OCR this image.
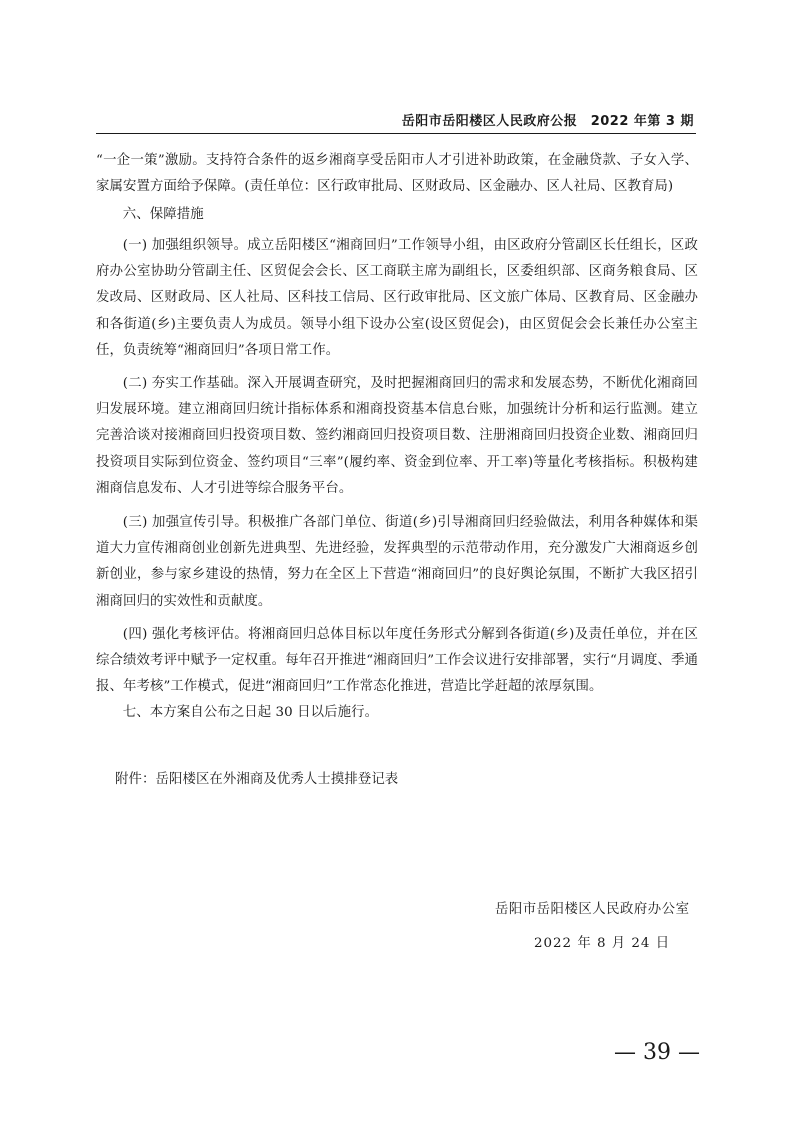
岳阳市岳阳楼区人民政府公报　2022 年第 3 期

“一企一策”激励。支持符合条件的返乡湘商享受岳阳市人才引进补助政策，在金融贷款、子女入学、家属安置方面给予保障。(责任单位：区行政审批局、区财政局、区金融办、区人社局、区教育局)

六、保障措施

(一) 加强组织领导。成立岳阳楼区“湘商回归”工作领导小组，由区政府分管副区长任组长，区政府办公室协助分管副主任、区贸促会会长、区工商联主席为副组长，区委组织部、区商务粮食局、区发改局、区财政局、区人社局、区科技工信局、区行政审批局、区文旅广体局、区教育局、区金融办和各街道(乡)主要负责人为成员。领导小组下设办公室(设区贸促会)，由区贸促会会长兼任办公室主任，负责统筹“湘商回归”各项日常工作。

(二) 夯实工作基础。深入开展调查研究，及时把握湘商回归的需求和发展态势，不断优化湘商回归发展环境。建立湘商回归统计指标体系和湘商投资基本信息台账，加强统计分析和运行监测。建立完善洽谈对接湘商回归投资项目数、签约湘商回归投资项目数、注册湘商回归投资企业数、湘商回归投资项目实际到位资金、签约项目“三率”(履约率、资金到位率、开工率)等量化考核指标。积极构建湘商信息发布、人才引进等综合服务平台。

(三) 加强宣传引导。积极推广各部门单位、街道(乡)引导湘商回归经验做法，利用各种媒体和渠道大力宣传湘商创业创新先进典型、先进经验，发挥典型的示范带动作用，充分激发广大湘商返乡创新创业，参与家乡建设的热情，努力在全区上下营造“湘商回归”的良好舆论氛围，不断扩大我区招引湘商回归的实效性和贡献度。

(四) 强化考核评估。将湘商回归总体目标以年度任务形式分解到各街道(乡)及责任单位，并在区综合绩效考评中赋予一定权重。每年召开推进“湘商回归”工作会议进行安排部署，实行“月调度、季通报、年考核”工作模式，促进“湘商回归”工作常态化推进，营造比学赶超的浓厚氛围。

七、本方案自公布之日起 30 日以后施行。

附件：岳阳楼区在外湘商及优秀人士摸排登记表
岳阳市岳阳楼区人民政府办公室
2022 年 8 月 24 日
— 39 —
